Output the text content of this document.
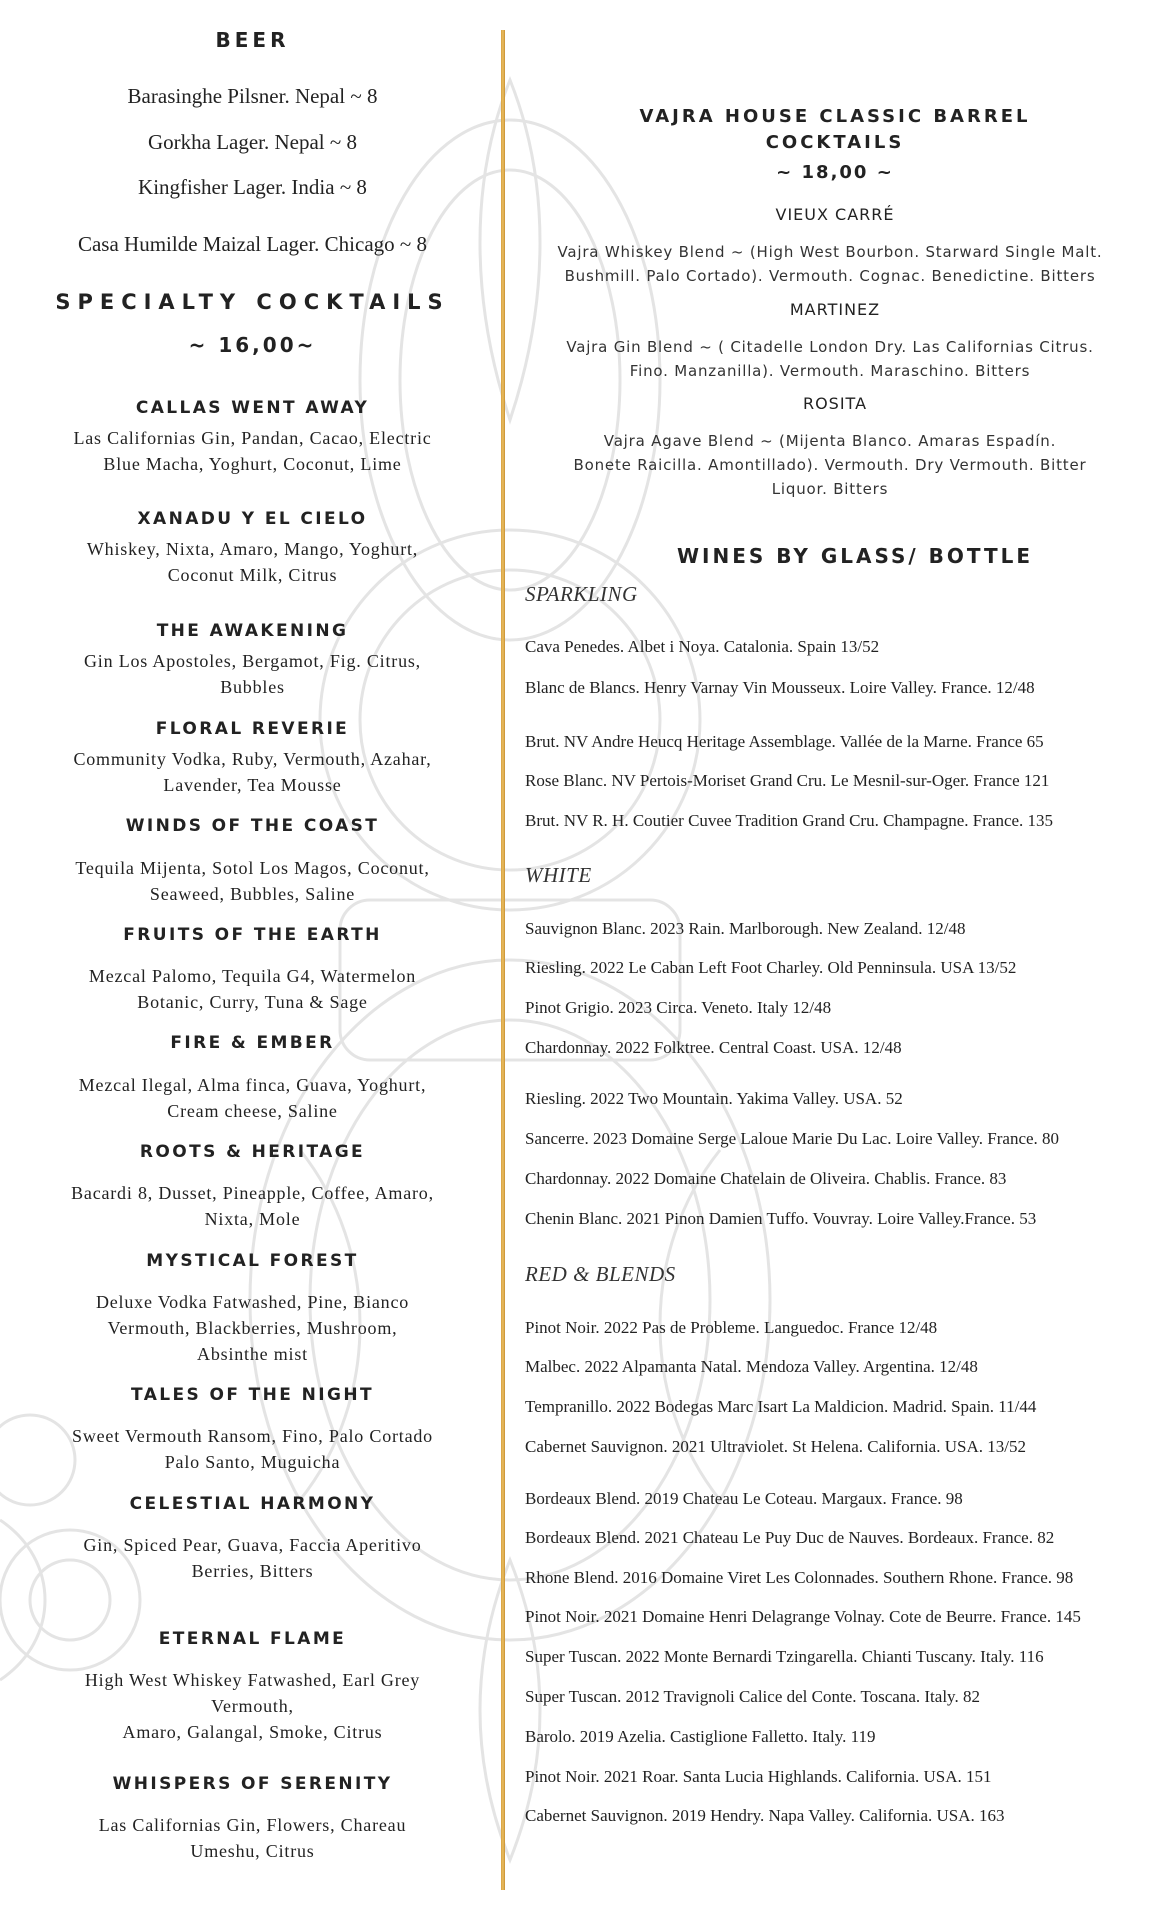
BEER
Barasinghe Pilsner. Nepal ~ 8
Gorkha Lager. Nepal ~ 8
Kingfisher Lager. India ~ 8
Casa Humilde Maizal Lager. Chicago ~ 8
SPECIALTY COCKTAILS
~ 16,00~
CALLAS WENT AWAY
Las Californias Gin, Pandan, Cacao, Electric
Blue Macha, Yoghurt, Coconut, Lime
XANADU Y EL CIELO
Whiskey, Nixta, Amaro, Mango, Yoghurt,
Coconut Milk, Citrus
THE AWAKENING
Gin Los Apostoles, Bergamot, Fig. Citrus,
Bubbles
FLORAL REVERIE
Community Vodka, Ruby, Vermouth, Azahar,
Lavender, Tea Mousse
WINDS OF THE COAST
Tequila Mijenta, Sotol Los Magos, Coconut,
Seaweed, Bubbles, Saline
FRUITS OF THE EARTH
Mezcal Palomo, Tequila G4, Watermelon
Botanic, Curry, Tuna & Sage
FIRE & EMBER
Mezcal Ilegal, Alma finca, Guava, Yoghurt,
Cream cheese, Saline
ROOTS & HERITAGE
Bacardi 8, Dusset, Pineapple, Coffee, Amaro,
Nixta, Mole
MYSTICAL FOREST
Deluxe Vodka Fatwashed, Pine, Bianco
Vermouth, Blackberries, Mushroom,
Absinthe mist
TALES OF THE NIGHT
Sweet Vermouth Ransom, Fino, Palo Cortado
Palo Santo, Muguicha
CELESTIAL HARMONY
Gin, Spiced Pear, Guava, Faccia Aperitivo
Berries, Bitters
ETERNAL FLAME
High West Whiskey Fatwashed, Earl Grey
Vermouth,
Amaro, Galangal, Smoke, Citrus
WHISPERS OF SERENITY
Las Californias Gin, Flowers, Chareau
Umeshu, Citrus
VAJRA HOUSE CLASSIC BARREL
COCKTAILS
~ 18,00 ~
VIEUX CARRÉ
Vajra Whiskey Blend ~ (High West Bourbon. Starward Single Malt.
Bushmill. Palo Cortado). Vermouth. Cognac. Benedictine. Bitters
MARTINEZ
Vajra Gin Blend ~ ( Citadelle London Dry. Las Californias Citrus.
Fino. Manzanilla). Vermouth. Maraschino. Bitters
ROSITA
Vajra Agave Blend ~ (Mijenta Blanco. Amaras Espadín.
Bonete Raicilla. Amontillado). Vermouth. Dry Vermouth. Bitter
Liquor. Bitters
WINES BY GLASS/ BOTTLE
SPARKLING
Cava Penedes. Albet i Noya. Catalonia. Spain 13/52
Blanc de Blancs. Henry Varnay Vin Mousseux. Loire Valley. France. 12/48
Brut. NV Andre Heucq Heritage Assemblage. Vallée de la Marne. France 65
Rose Blanc. NV Pertois-Moriset Grand Cru. Le Mesnil-sur-Oger. France 121
Brut. NV R. H. Coutier Cuvee Tradition Grand Cru. Champagne. France. 135
WHITE
Sauvignon Blanc. 2023 Rain. Marlborough. New Zealand. 12/48
Riesling. 2022 Le Caban Left Foot Charley. Old Penninsula. USA 13/52
Pinot Grigio. 2023 Circa. Veneto. Italy 12/48
Chardonnay. 2022 Folktree. Central Coast. USA. 12/48
Riesling. 2022 Two Mountain. Yakima Valley. USA. 52
Sancerre. 2023 Domaine Serge Laloue Marie Du Lac. Loire Valley. France. 80
Chardonnay. 2022 Domaine Chatelain de Oliveira. Chablis. France. 83
Chenin Blanc. 2021 Pinon Damien Tuffo. Vouvray. Loire Valley.France. 53
RED & BLENDS
Pinot Noir. 2022 Pas de Probleme. Languedoc. France 12/48
Malbec. 2022 Alpamanta Natal. Mendoza Valley. Argentina. 12/48
Tempranillo. 2022 Bodegas Marc Isart La Maldicion. Madrid. Spain. 11/44
Cabernet Sauvignon. 2021 Ultraviolet. St Helena. California. USA. 13/52
Bordeaux Blend. 2019 Chateau Le Coteau. Margaux. France. 98
Bordeaux Blend. 2021 Chateau Le Puy Duc de Nauves. Bordeaux. France. 82
Rhone Blend. 2016 Domaine Viret Les Colonnades. Southern Rhone. France. 98
Pinot Noir. 2021 Domaine Henri Delagrange Volnay. Cote de Beurre. France. 145
Super Tuscan. 2022 Monte Bernardi Tzingarella. Chianti Tuscany. Italy. 116
Super Tuscan. 2012 Travignoli Calice del Conte. Toscana. Italy. 82
Barolo. 2019 Azelia. Castiglione Falletto. Italy. 119
Pinot Noir. 2021 Roar. Santa Lucia Highlands. California. USA. 151
Cabernet Sauvignon. 2019 Hendry. Napa Valley. California. USA. 163
